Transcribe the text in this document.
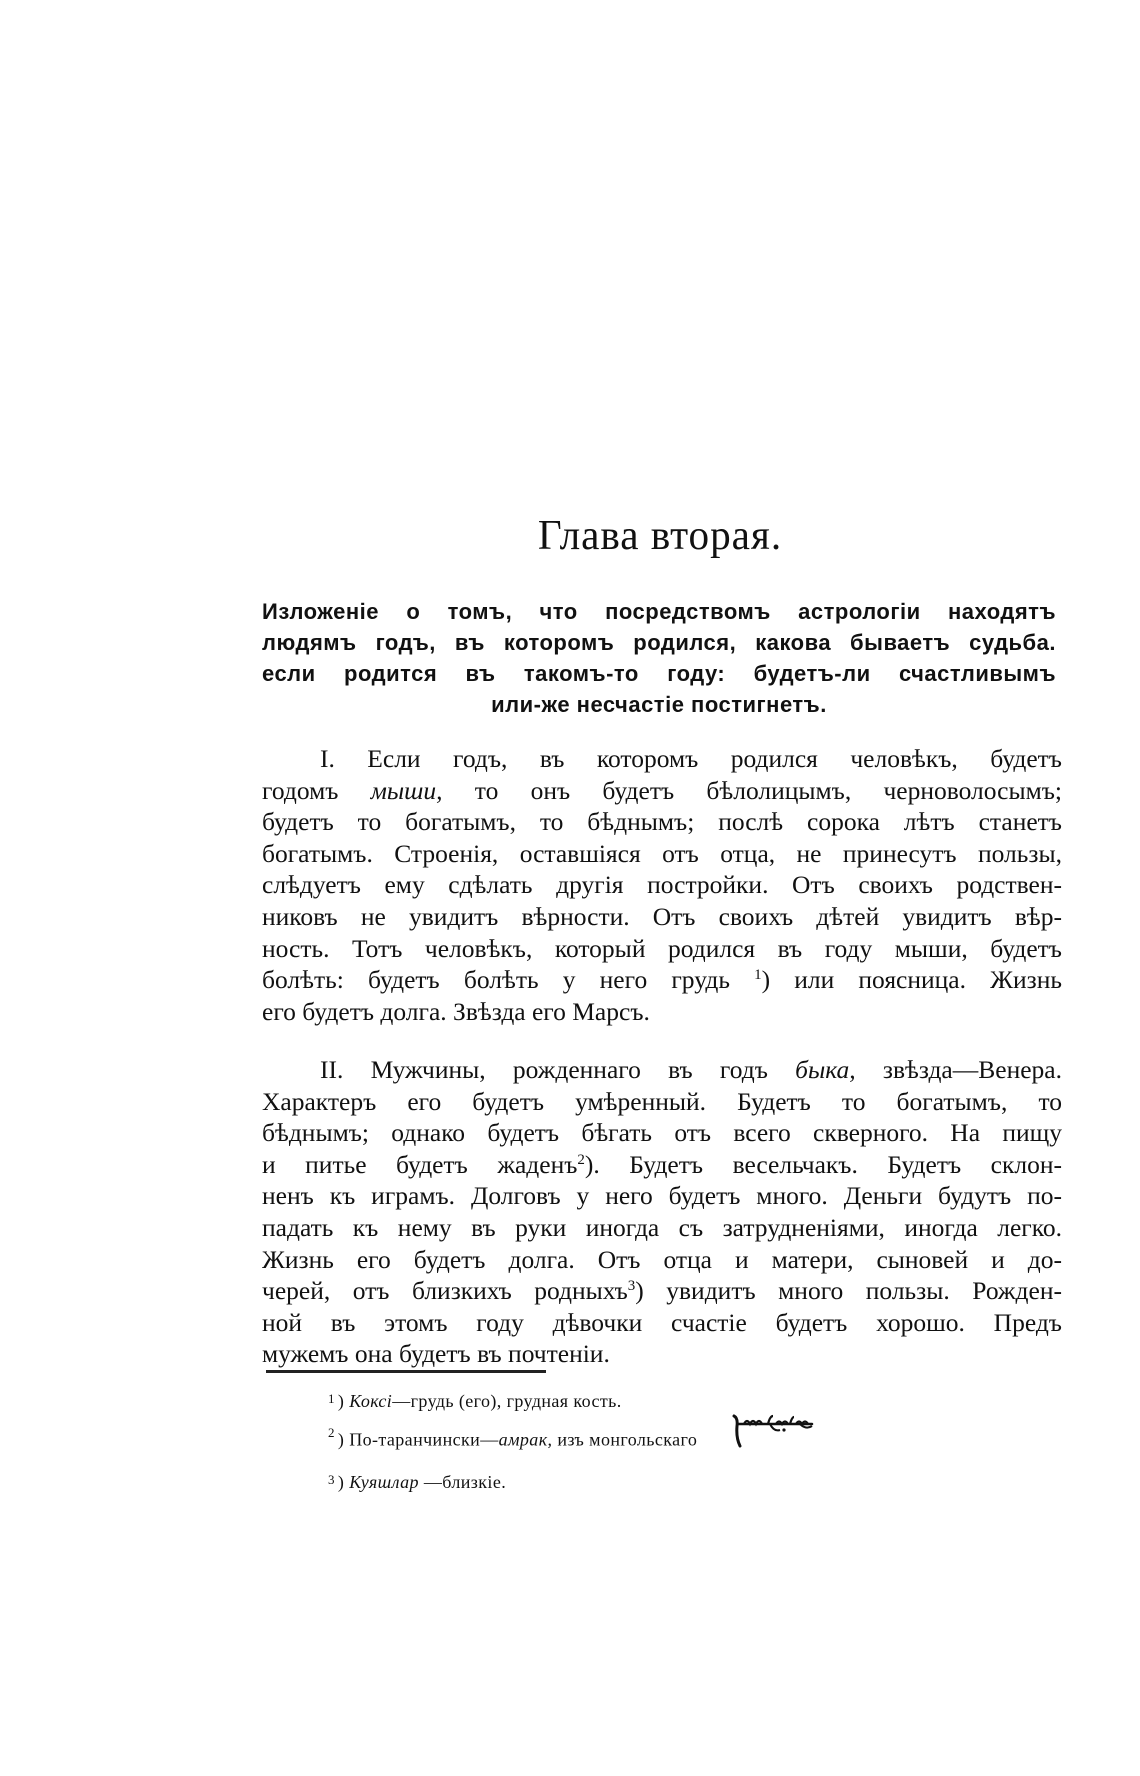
Глава вторая.
Изложеніе о томъ, что посредствомъ астрологіи находятъ
людямъ годъ, въ которомъ родился, какова бываетъ судьба.
если родится въ такомъ-то году: будетъ-ли счастливымъ
или-же несчастіе постигнетъ.
I. Если годъ, въ которомъ родился человѣкъ, будетъ
годомъ мыши, то онъ будетъ бѣлолицымъ, черноволосымъ;
будетъ то богатымъ, то бѣднымъ; послѣ сорока лѣтъ станетъ
богатымъ. Строенія, оставшіяся отъ отца, не принесутъ пользы,
слѣдуетъ ему сдѣлать другія постройки. Отъ своихъ родствен-
никовъ не увидитъ вѣрности. Отъ своихъ дѣтей увидитъ вѣр-
ность. Тотъ человѣкъ, который родился въ году мыши, будетъ
болѣть: будетъ болѣть у него грудь $^1$) или поясница. Жизнь
его будетъ долга. Звѣзда его Марсъ.
II. Мужчины, рожденнаго въ годъ быка, звѣзда—Венера.
Характеръ его будетъ умѣренный. Будетъ то богатымъ, то
бѣднымъ; однако будетъ бѣгать отъ всего скверного. На пищу
и питье будетъ жаденъ$^2$). Будетъ весельчакъ. Будетъ склон-
ненъ къ играмъ. Долговъ у него будетъ много. Деньги будутъ по-
падать къ нему въ руки иногда съ затрудненіями, иногда легко.
Жизнь его будетъ долга. Отъ отца и матери, сыновей и до-
черей, отъ близкихъ родныхъ$^3$) увидитъ много пользы. Рожден-
ной въ этомъ году дѣвочки счастіе будетъ хорошо. Предъ
мужемъ она будетъ въ почтеніи.
$^1$ ) Коксі—грудь (его), грудная кость.
$^2$ ) По-таранчински—амрак, изъ монгольскаго
$^3$ ) Куяшлар —близкіе.
